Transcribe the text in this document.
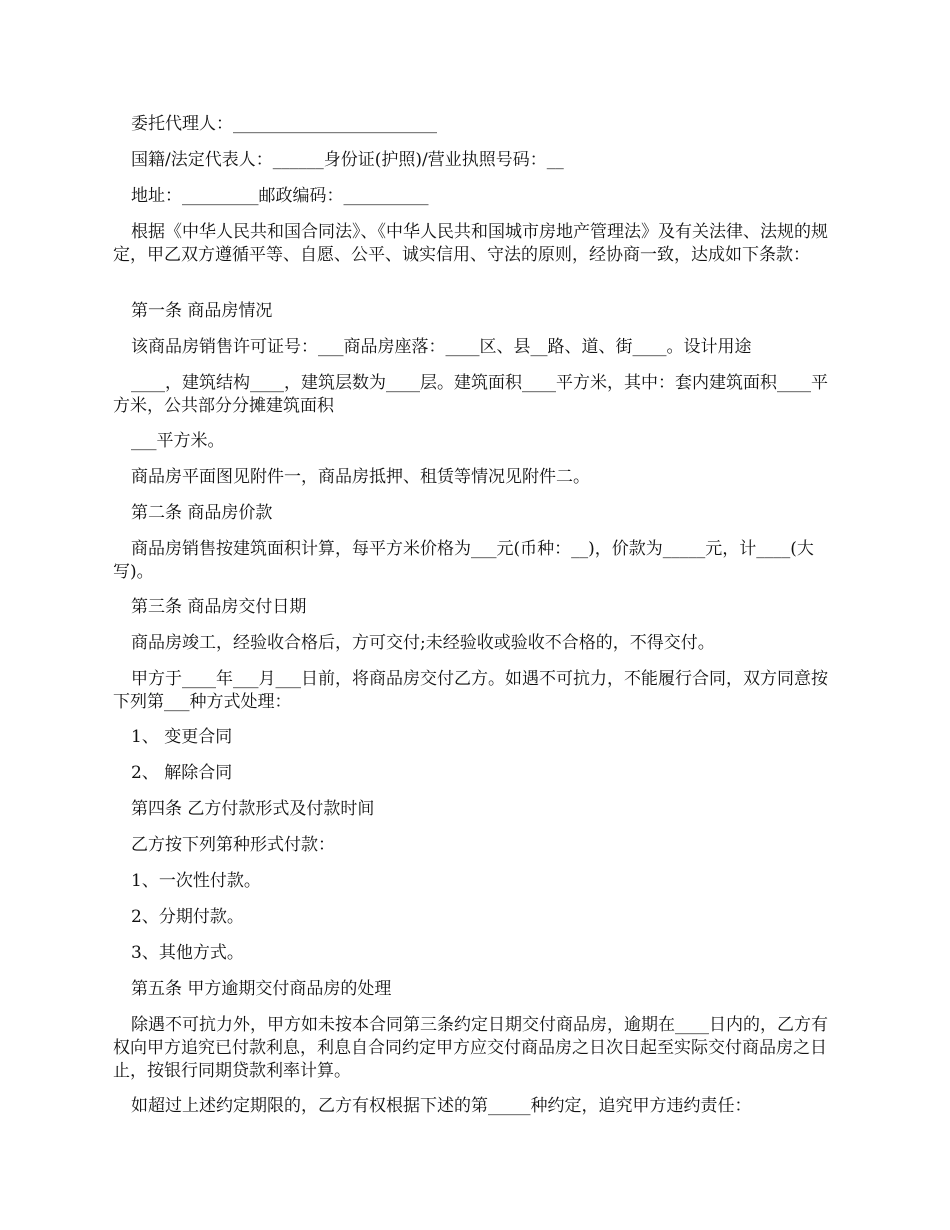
委托代理人：________________________
国籍/法定代表人：______身份证(护照)/营业执照号码：__
地址：_________邮政编码：__________
根据《中华人民共和国合同法》、《中华人民共和国城市房地产管理法》及有关法律、法规的规定，甲乙双方遵循平等、自愿、公平、诚实信用、守法的原则，经协商一致，达成如下条款：
第一条 商品房情况
该商品房销售许可证号：___商品房座落：____区、县__路、道、街____。设计用途
____，建筑结构____，建筑层数为____层。建筑面积____平方米，其中：套内建筑面积____平方米，公共部分分摊建筑面积
___平方米。
商品房平面图见附件一，商品房抵押、租赁等情况见附件二。
第二条 商品房价款
商品房销售按建筑面积计算，每平方米价格为___元(币种：__)，价款为_____元，计____(大写)。
第三条 商品房交付日期
商品房竣工，经验收合格后，方可交付;未经验收或验收不合格的，不得交付。
甲方于____年___月___日前，将商品房交付乙方。如遇不可抗力，不能履行合同，双方同意按下列第___种方式处理：
1、 变更合同
2、 解除合同
第四条 乙方付款形式及付款时间
乙方按下列第种形式付款：
1、一次性付款。
2、分期付款。
3、其他方式。
第五条 甲方逾期交付商品房的处理
除遇不可抗力外，甲方如未按本合同第三条约定日期交付商品房，逾期在____日内的，乙方有权向甲方追究已付款利息，利息自合同约定甲方应交付商品房之日次日起至实际交付商品房之日止，按银行同期贷款利率计算。
如超过上述约定期限的，乙方有权根据下述的第_____种约定，追究甲方违约责任：
